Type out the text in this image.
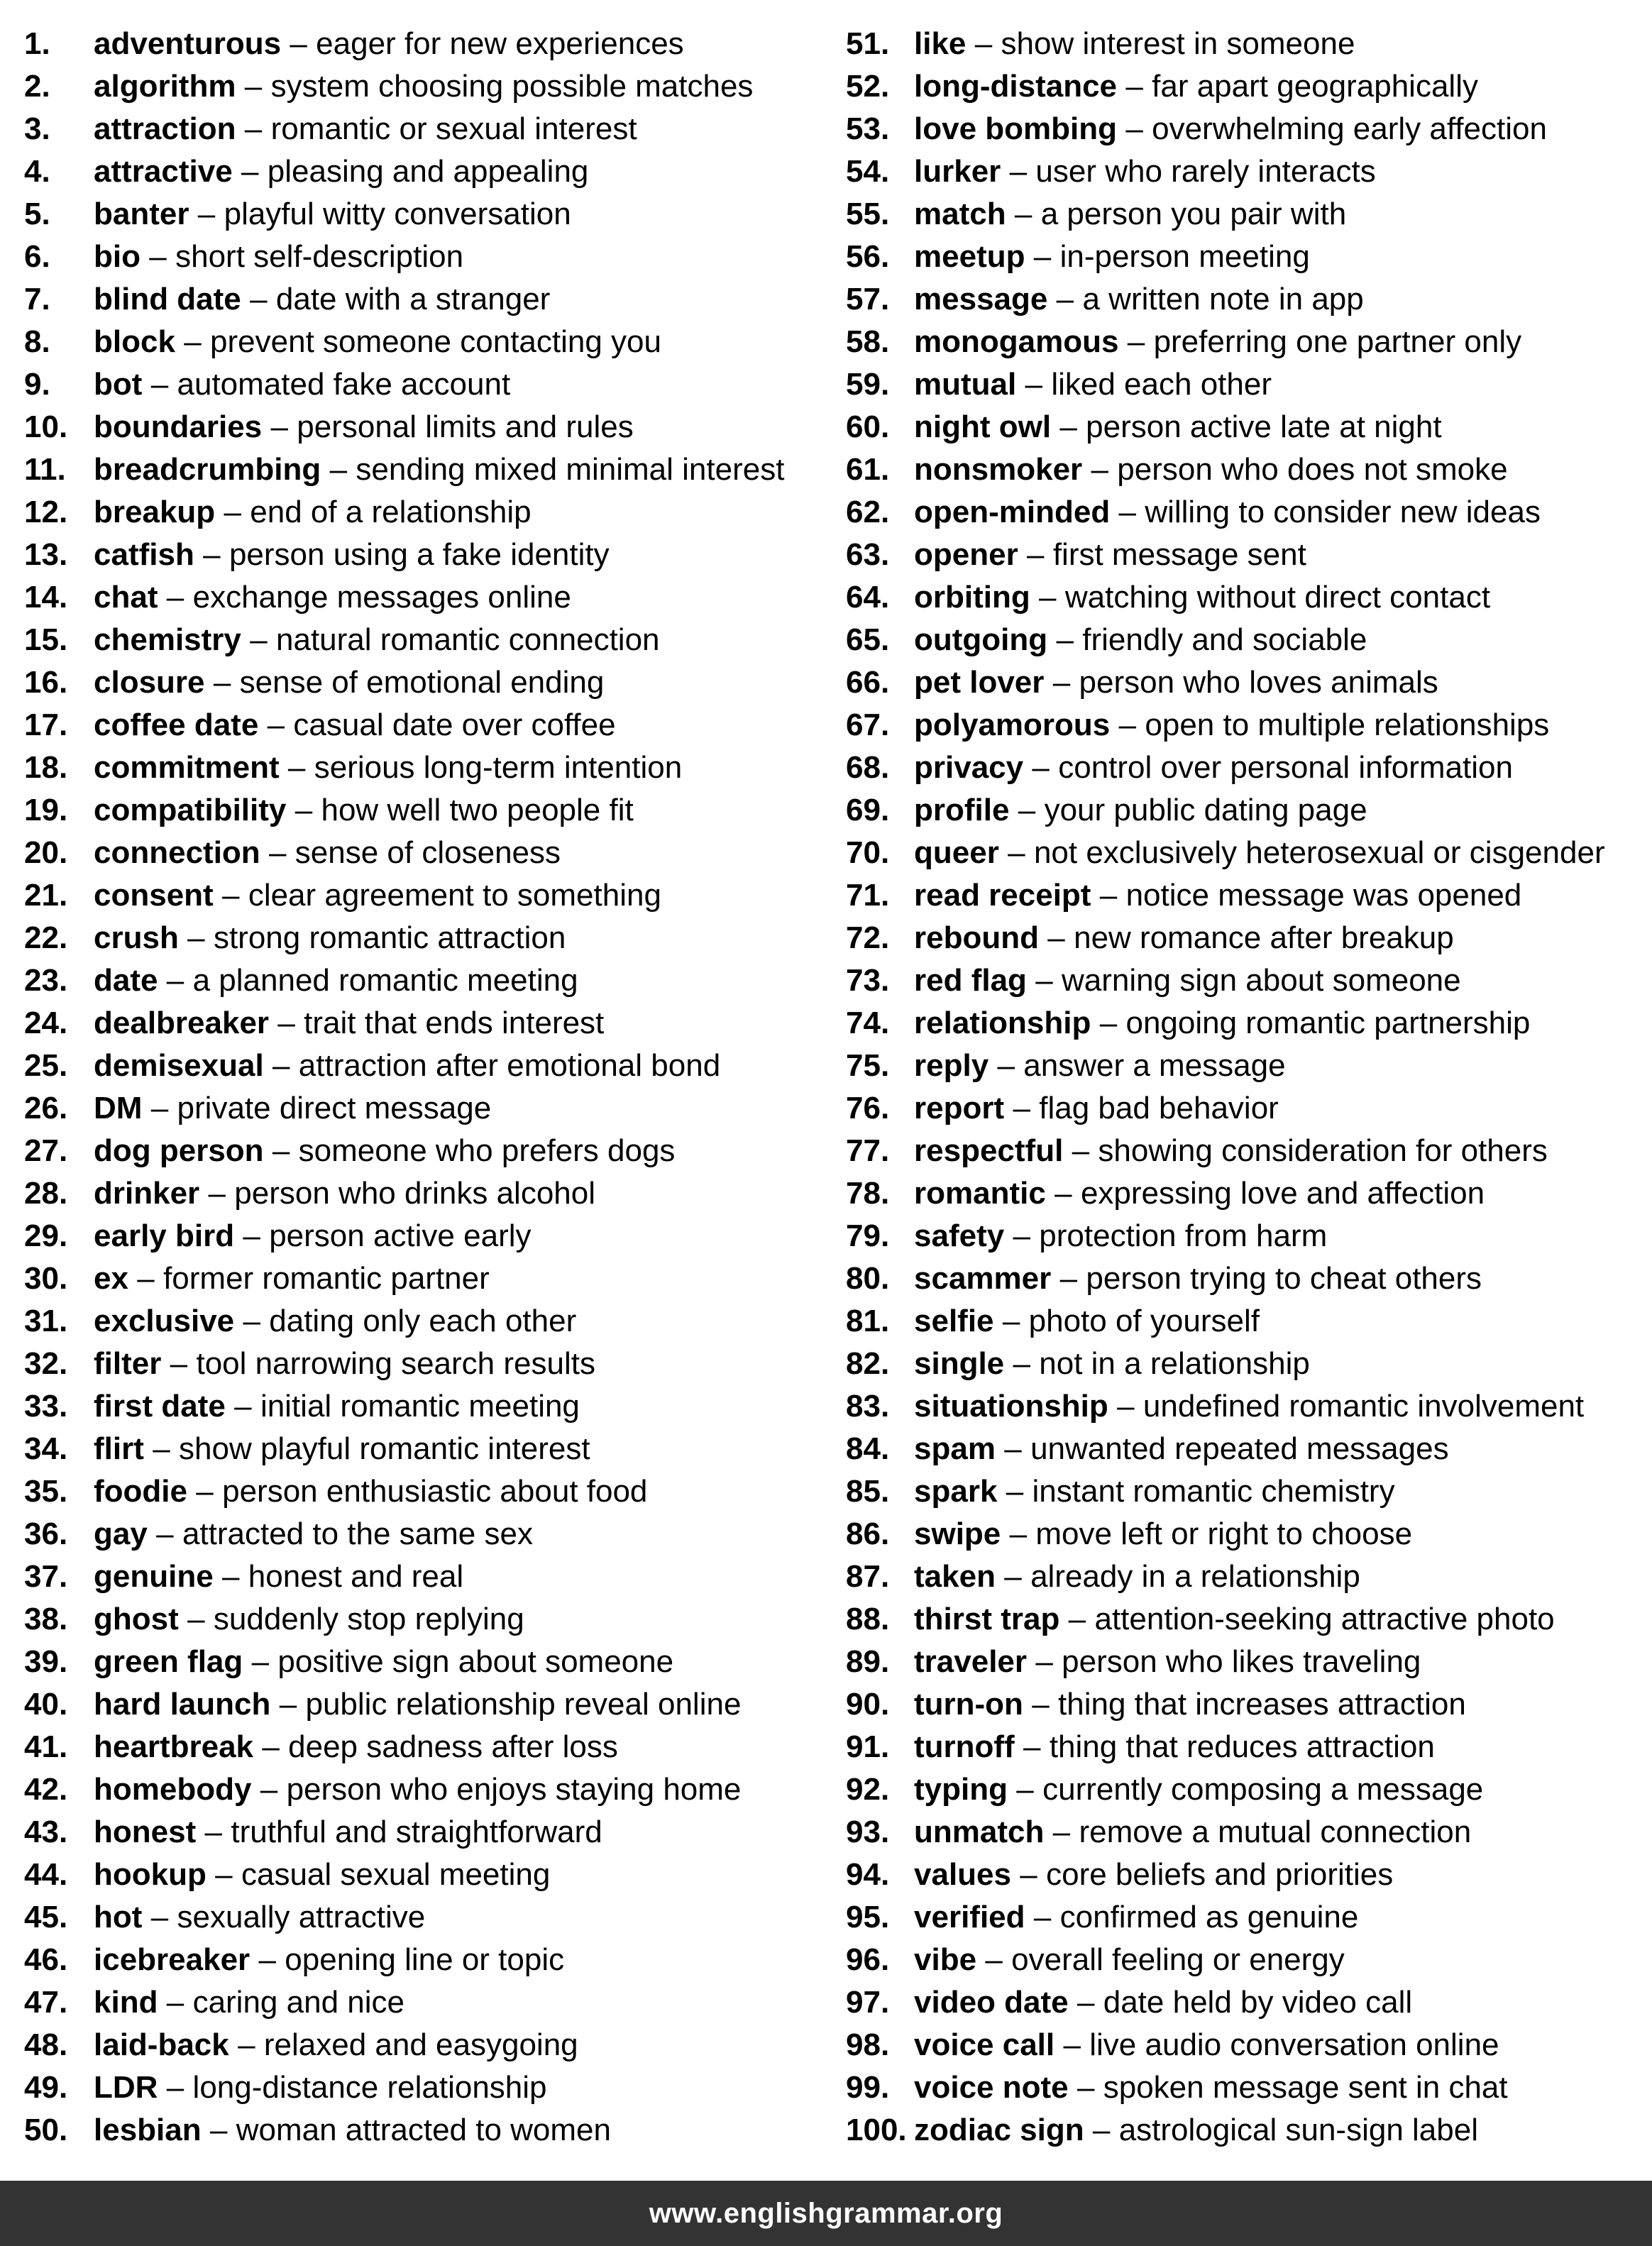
1. adventurous – eager for new experiences
2. algorithm – system choosing possible matches
3. attraction – romantic or sexual interest
4. attractive – pleasing and appealing
5. banter – playful witty conversation
6. bio – short self-description
7. blind date – date with a stranger
8. block – prevent someone contacting you
9. bot – automated fake account
10. boundaries – personal limits and rules
11. breadcrumbing – sending mixed minimal interest
12. breakup – end of a relationship
13. catfish – person using a fake identity
14. chat – exchange messages online
15. chemistry – natural romantic connection
16. closure – sense of emotional ending
17. coffee date – casual date over coffee
18. commitment – serious long-term intention
19. compatibility – how well two people fit
20. connection – sense of closeness
21. consent – clear agreement to something
22. crush – strong romantic attraction
23. date – a planned romantic meeting
24. dealbreaker – trait that ends interest
25. demisexual – attraction after emotional bond
26. DM – private direct message
27. dog person – someone who prefers dogs
28. drinker – person who drinks alcohol
29. early bird – person active early
30. ex – former romantic partner
31. exclusive – dating only each other
32. filter – tool narrowing search results
33. first date – initial romantic meeting
34. flirt – show playful romantic interest
35. foodie – person enthusiastic about food
36. gay – attracted to the same sex
37. genuine – honest and real
38. ghost – suddenly stop replying
39. green flag – positive sign about someone
40. hard launch – public relationship reveal online
41. heartbreak – deep sadness after loss
42. homebody – person who enjoys staying home
43. honest – truthful and straightforward
44. hookup – casual sexual meeting
45. hot – sexually attractive
46. icebreaker – opening line or topic
47. kind – caring and nice
48. laid-back – relaxed and easygoing
49. LDR – long-distance relationship
50. lesbian – woman attracted to women
51. like – show interest in someone
52. long-distance – far apart geographically
53. love bombing – overwhelming early affection
54. lurker – user who rarely interacts
55. match – a person you pair with
56. meetup – in-person meeting
57. message – a written note in app
58. monogamous – preferring one partner only
59. mutual – liked each other
60. night owl – person active late at night
61. nonsmoker – person who does not smoke
62. open-minded – willing to consider new ideas
63. opener – first message sent
64. orbiting – watching without direct contact
65. outgoing – friendly and sociable
66. pet lover – person who loves animals
67. polyamorous – open to multiple relationships
68. privacy – control over personal information
69. profile – your public dating page
70. queer – not exclusively heterosexual or cisgender
71. read receipt – notice message was opened
72. rebound – new romance after breakup
73. red flag – warning sign about someone
74. relationship – ongoing romantic partnership
75. reply – answer a message
76. report – flag bad behavior
77. respectful – showing consideration for others
78. romantic – expressing love and affection
79. safety – protection from harm
80. scammer – person trying to cheat others
81. selfie – photo of yourself
82. single – not in a relationship
83. situationship – undefined romantic involvement
84. spam – unwanted repeated messages
85. spark – instant romantic chemistry
86. swipe – move left or right to choose
87. taken – already in a relationship
88. thirst trap – attention-seeking attractive photo
89. traveler – person who likes traveling
90. turn-on – thing that increases attraction
91. turnoff – thing that reduces attraction
92. typing – currently composing a message
93. unmatch – remove a mutual connection
94. values – core beliefs and priorities
95. verified – confirmed as genuine
96. vibe – overall feeling or energy
97. video date – date held by video call
98. voice call – live audio conversation online
99. voice note – spoken message sent in chat
100. zodiac sign – astrological sun-sign label
www.englishgrammar.org
